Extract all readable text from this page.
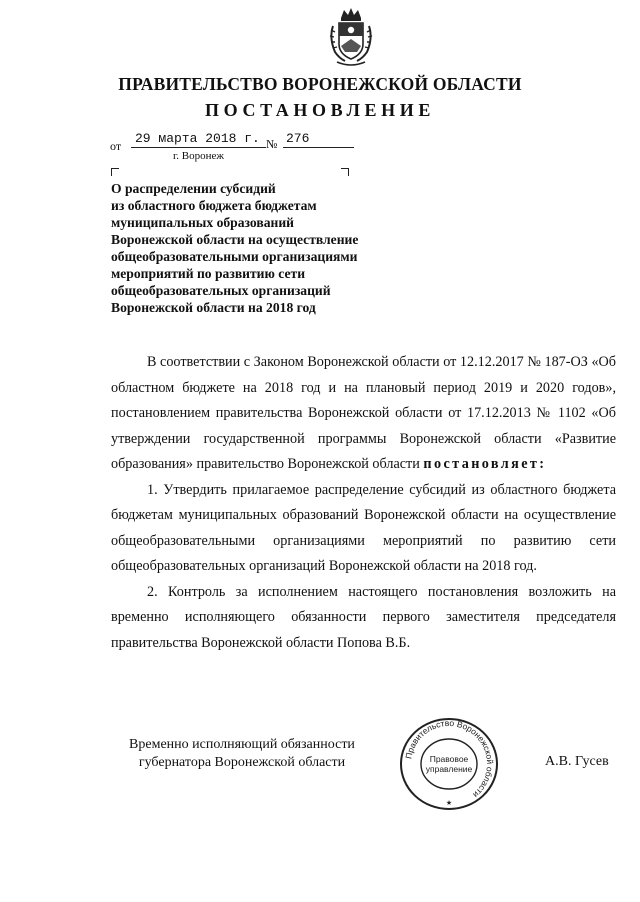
ПРАВИТЕЛЬСТВО ВОРОНЕЖСКОЙ ОБЛАСТИ
ПОСТАНОВЛЕНИЕ
от	29 марта 2018 г. № 276
г. Воронеж
О распределении субсидий
из областного бюджета бюджетам
муниципальных образований
Воронежской области на осуществление
общеобразовательными организациями
мероприятий по развитию сети
общеобразовательных организаций
Воронежской области на 2018 год

В соответствии с Законом Воронежской области от 12.12.2017 № 187-ОЗ «Об областном бюджете на 2018 год и на плановый период 2019 и 2020 годов», постановлением правительства Воронежской области от 17.12.2013 № 1102 «Об утверждении государственной программы Воронежской области «Развитие образования» правительство Воронежской области постановляет:

1. Утвердить прилагаемое распределение субсидий из областного бюджета бюджетам муниципальных образований Воронежской области на осуществление общеобразовательными организациями мероприятий по развитию сети общеобразовательных организаций Воронежской области на 2018 год.

2. Контроль за исполнением настоящего постановления возложить на временно исполняющего обязанности первого заместителя председателя правительства Воронежской области Попова В.Б.

Временно исполняющий обязанности
губернатора Воронежской области	Правительство Воронежской области
Правовое
управление
★
А.В. Гусев
